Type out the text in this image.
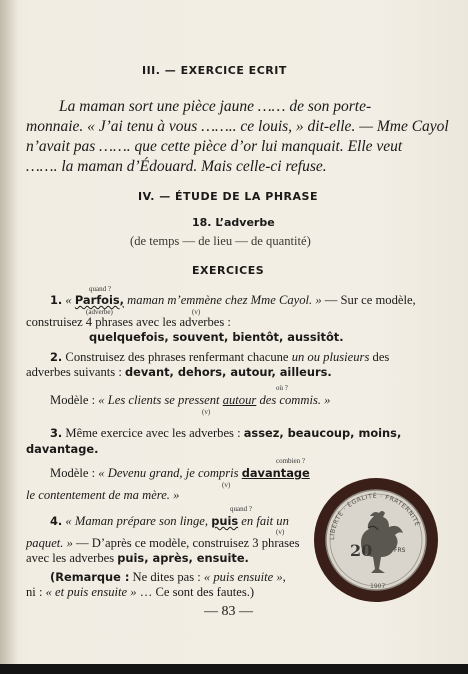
III. — EXERCICE ECRIT
La maman sort une pièce jaune …… de son porte-
monnaie. « J’ai tenu à vous …….. ce louis, » dit-elle. — Mme Cayol
n’avait pas ……. que cette pièce d’or lui manquait. Elle veut
……. la maman d’Édouard. Mais celle-ci refuse.
IV. — ÉTUDE DE LA PHRASE
18. L’adverbe
(de temps — de lieu — de quantité)
EXERCICES
quand ?
1. « Parfois, maman m’emmène chez Mme Cayol. » — Sur ce modèle,
(adverbe)	(v)
construisez 4 phrases avec les adverbes :
quelquefois, souvent, bientôt, aussitôt.
2. Construisez des phrases renfermant chacune un ou plusieurs des
adverbes suivants : devant, dehors, autour, ailleurs.
où ?
Modèle : « Les clients se pressent autour des commis. »
(v)
3. Même exercice avec les adverbes : assez, beaucoup, moins,
davantage.
combien ?
Modèle : « Devenu grand, je compris davantage
(v)
le contentement de ma mère. »
quand ?
4. « Maman prépare son linge, puis en fait un
(v)
paquet. » — D’après ce modèle, construisez 3 phrases
avec les adverbes puis, après, ensuite.
(Remarque : Ne dites pas : « puis ensuite »,
ni : « et puis ensuite » … Ce sont des fautes.)
20	FRS
LIBERTÉ · ÉGALITÉ · FRATERNITÉ
1907
— 83 —
